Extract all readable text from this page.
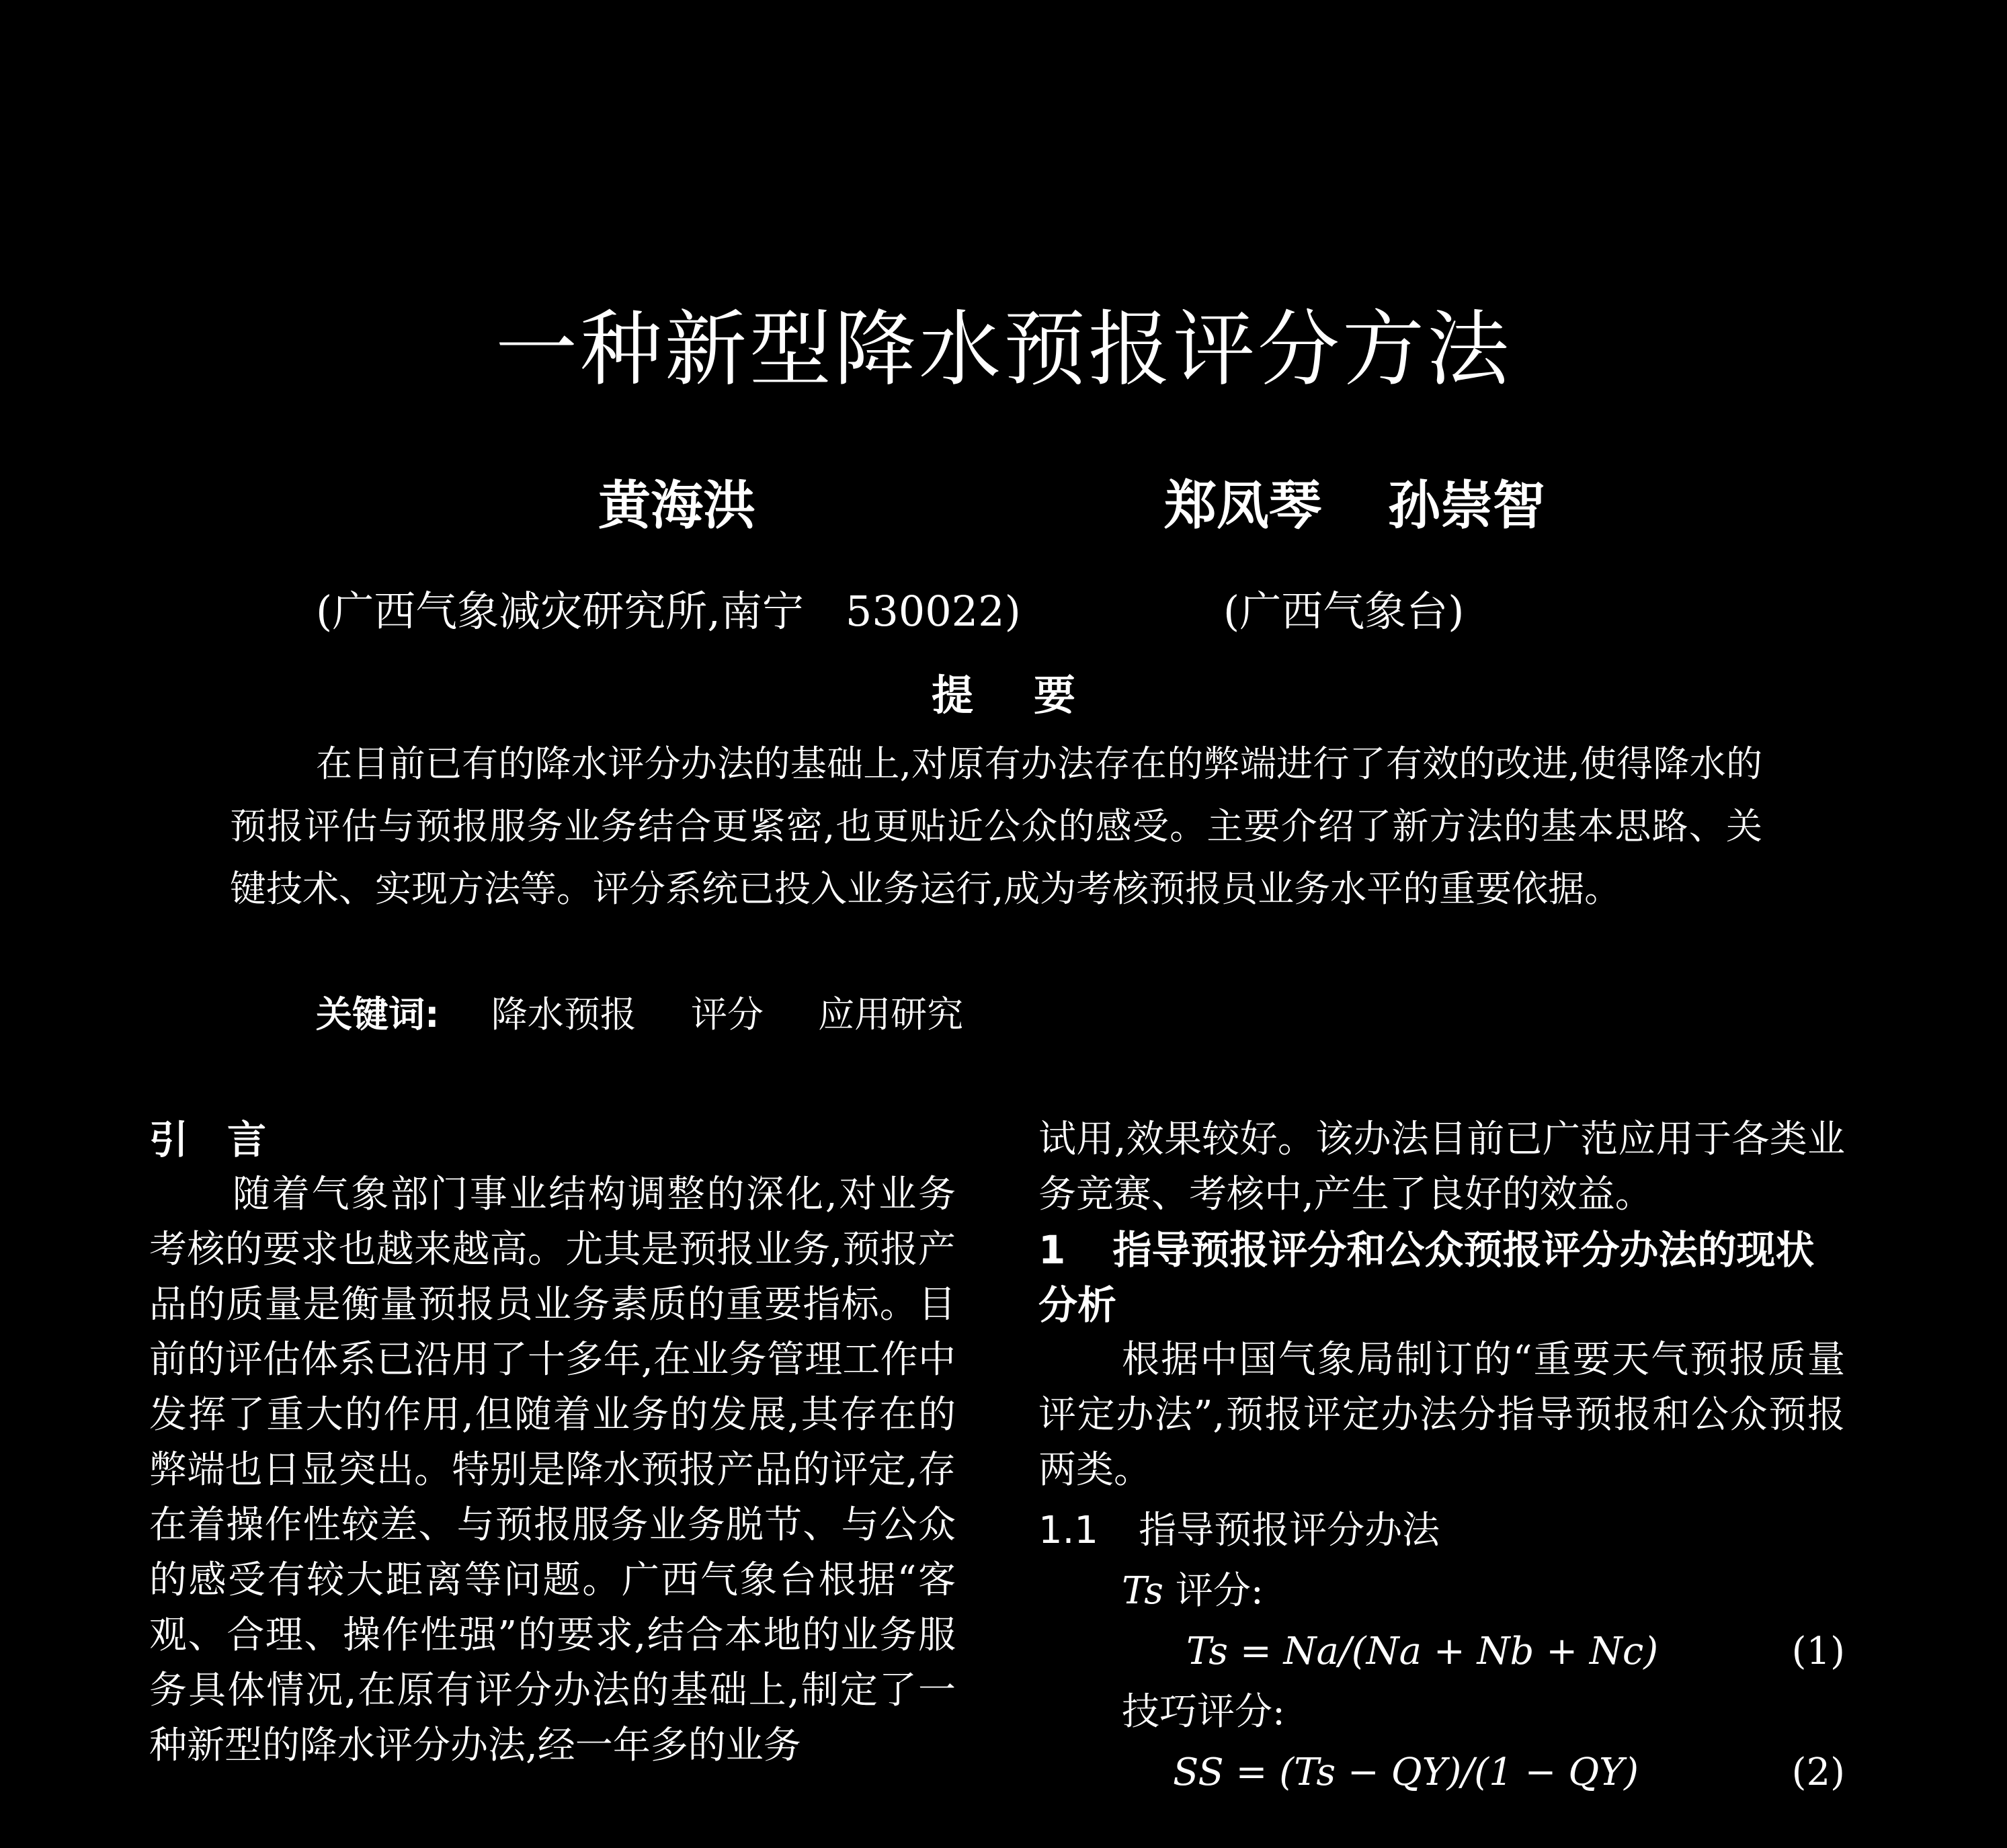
一种新型降水预报评分方法
黄海洪	郑凤琴 孙崇智
(广西气象减灾研究所,南宁　530022)	(广西气象台)
提要
在目前已有的降水评分办法的基础上,对原有办法存在的弊端进行了有效的改进,使得降水的预报评估与预报服务业务结合更紧密,也更贴近公众的感受。主要介绍了新方法的基本思路、关键技术、实现方法等。评分系统已投入业务运行,成为考核预报员业务水平的重要依据。
关键词: 降水预报 评分 应用研究
引　言

随着气象部门事业结构调整的深化,对业务考核的要求也越来越高。尤其是预报业务,预报产品的质量是衡量预报员业务素质的重要指标。目前的评估体系已沿用了十多年,在业务管理工作中发挥了重大的作用,但随着业务的发展,其存在的弊端也日显突出。特别是降水预报产品的评定,存在着操作性较差、与预报服务业务脱节、与公众的感受有较大距离等问题。广西气象台根据“客观、合理、操作性强”的要求,结合本地的业务服务具体情况,在原有评分办法的基础上,制定了一种新型的降水评分办法,经一年多的业务

试用,效果较好。该办法目前已广范应用于各类业务竞赛、考核中,产生了良好的效益。

1 指导预报评分和公众预报评分办法的现状分析

根据中国气象局制订的“重要天气预报质量评定办法”,预报评定办法分指导预报和公众预报两类。

1.1 指导预报评分办法
Ts 评分:
Ts = Na/(Na + Nb + Nc)	(1)
技巧评分:
SS = (Ts − QY)/(1 − QY)	(2)
